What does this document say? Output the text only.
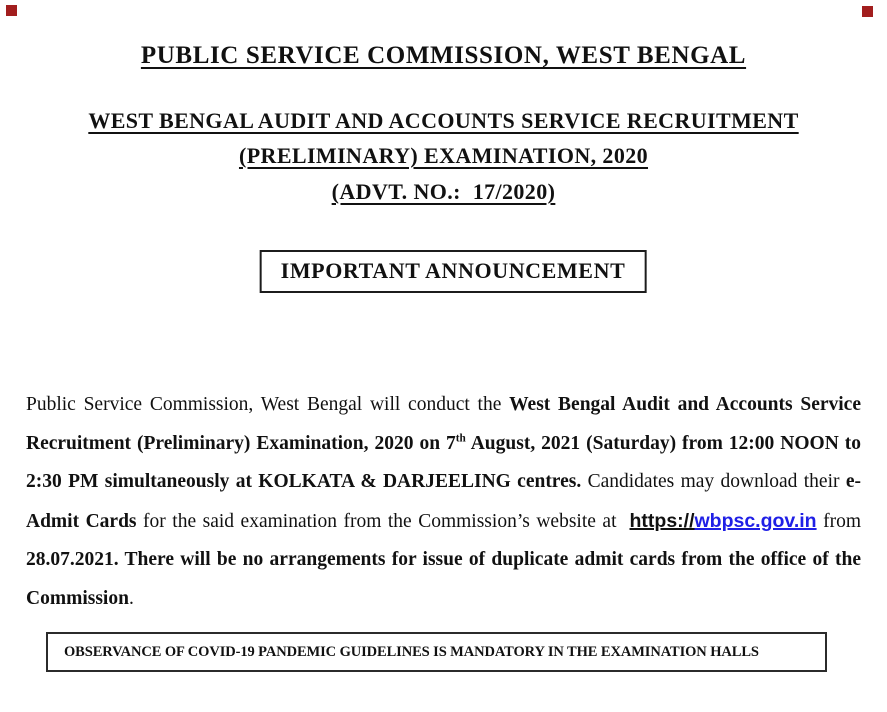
PUBLIC SERVICE COMMISSION, WEST BENGAL
WEST BENGAL AUDIT AND ACCOUNTS SERVICE RECRUITMENT
(PRELIMINARY) EXAMINATION, 2020
(ADVT. NO.:  17/2020)
IMPORTANT ANNOUNCEMENT
Public Service Commission, West Bengal will conduct the West Bengal Audit and Accounts Service Recruitment (Preliminary) Examination, 2020 on 7th August, 2021 (Saturday) from 12:00 NOON to 2:30 PM simultaneously at KOLKATA & DARJEELING centres. Candidates may download their e-Admit Cards for the said examination from the Commission’s website at  https://wbpsc.gov.in from 28.07.2021. There will be no arrangements for issue of duplicate admit cards from the office of the Commission.
OBSERVANCE OF COVID-19 PANDEMIC GUIDELINES IS MANDATORY IN THE EXAMINATION HALLS
